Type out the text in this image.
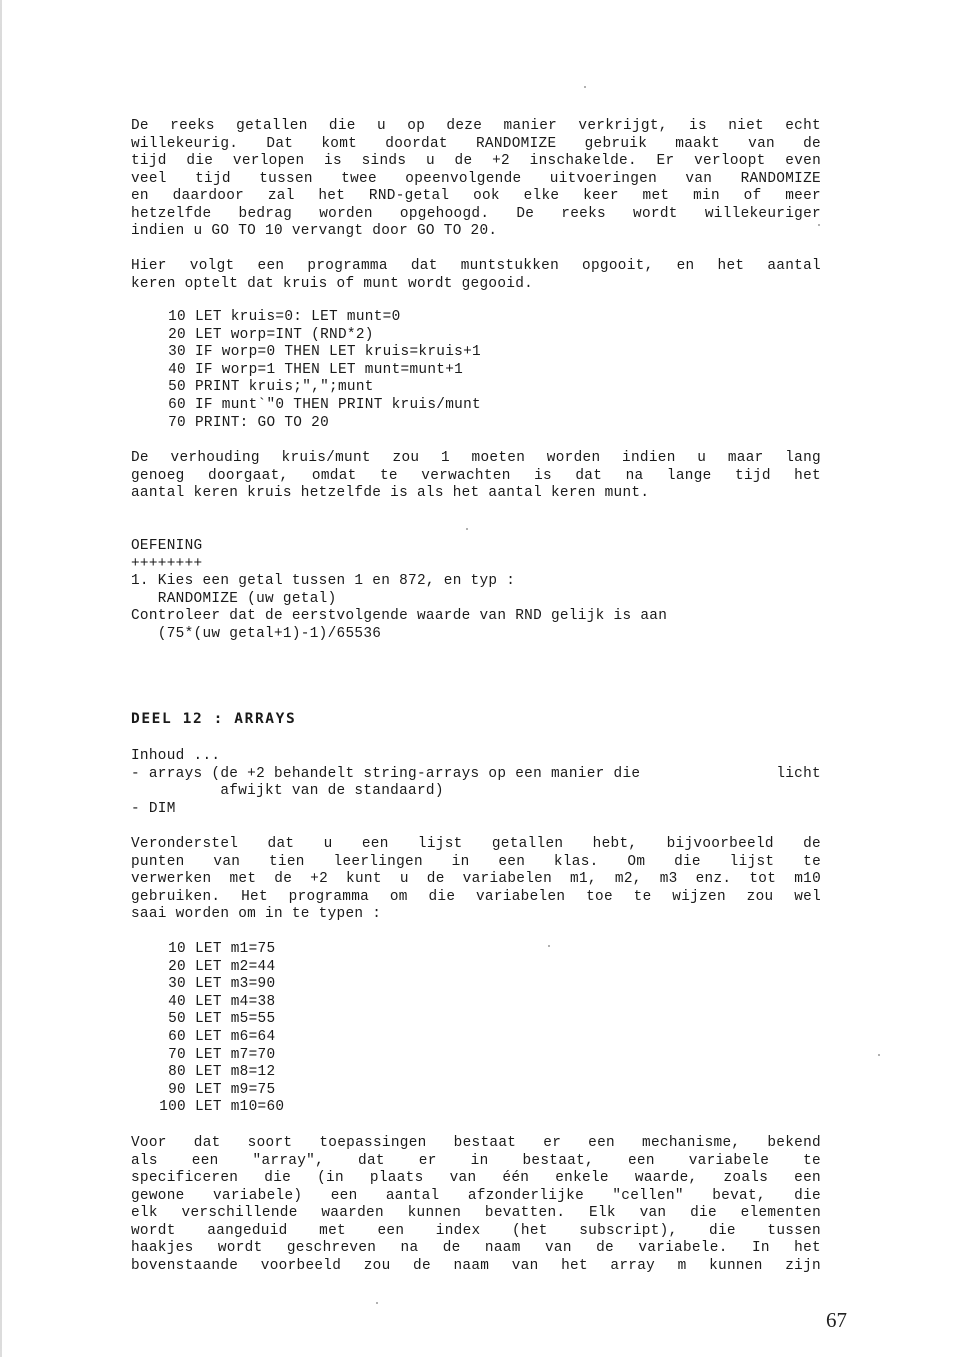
De reeks getallen die u op deze manier verkrijgt, is niet echt
willekeurig. Dat komt doordat RANDOMIZE gebruik maakt van de
tijd die verlopen is sinds u de +2 inschakelde. Er verloopt even
veel tijd tussen twee opeenvolgende uitvoeringen van RANDOMIZE
en daardoor zal het RND-getal ook elke keer met min of meer
hetzelfde bedrag worden opgehoogd. De reeks wordt willekeuriger
indien u GO TO 10 vervangt door GO TO 20.
Hier volgt een programma dat muntstukken opgooit, en het aantal
keren optelt dat kruis of munt wordt gegooid.
10 LET kruis=0: LET munt=0
20 LET worp=INT (RND*2)
30 IF worp=0 THEN LET kruis=kruis+1
40 IF worp=1 THEN LET munt=munt+1
50 PRINT kruis;",";munt
60 IF munt`"0 THEN PRINT kruis/munt
70 PRINT: GO TO 20
De verhouding kruis/munt zou 1 moeten worden indien u maar lang
genoeg doorgaat, omdat te verwachten is dat na lange tijd het
aantal keren kruis hetzelfde is als het aantal keren munt.
OEFENING
++++++++
1. Kies een getal tussen 1 en 872, en typ :
RANDOMIZE (uw getal)
Controleer dat de eerstvolgende waarde van RND gelijk is aan
(75*(uw getal+1)-1)/65536
DEEL 12 : ARRAYS
Inhoud ...
- arrays (de +2 behandelt string-arrays op een manier die	licht
afwijkt van de standaard)
- DIM
Veronderstel dat u een lijst getallen hebt, bijvoorbeeld de
punten van tien leerlingen in een klas. Om die lijst te
verwerken met de +2 kunt u de variabelen m1, m2, m3 enz. tot m10
gebruiken. Het programma om die variabelen toe te wijzen zou wel
saai worden om in te typen :
10 LET m1=75
20 LET m2=44
30 LET m3=90
40 LET m4=38
50 LET m5=55
60 LET m6=64
70 LET m7=70
80 LET m8=12
90 LET m9=75
100 LET m10=60
Voor dat soort toepassingen bestaat er een mechanisme, bekend
als een "array", dat er in bestaat, een variabele te
specificeren die (in plaats van één enkele waarde, zoals een
gewone variabele) een aantal afzonderlijke "cellen" bevat, die
elk verschillende waarden kunnen bevatten. Elk van die elementen
wordt aangeduid met een index (het subscript), die tussen
haakjes wordt geschreven na de naam van de variabele. In het
bovenstaande voorbeeld zou de naam van het array m kunnen zijn
67
